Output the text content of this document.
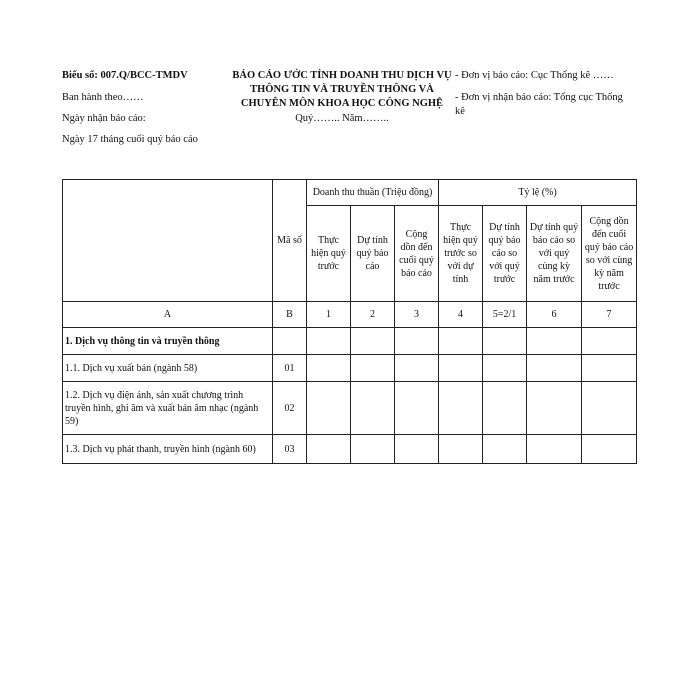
Biểu số: 007.Q/BCC-TMDV
Ban hành theo……
Ngày nhận báo cáo:
Ngày 17 tháng cuối quý báo cáo
BÁO CÁO ƯỚC TÍNH DOANH THU DỊCH VỤ
THÔNG TIN VÀ TRUYỀN THÔNG VÀ
CHUYÊN MÔN KHOA HỌC CÔNG NGHỆ
Quý…….. Năm……..
- Đơn vị báo cáo: Cục Thống kê ……
- Đơn vị nhận báo cáo: Tổng cục Thống
kê
	Mã số	Doanh thu thuần (Triệu đồng)			Tỷ lệ (%)			
		Thực hiện quý trước	Dự tính quý báo cáo	Cộng dồn đến cuối quý báo cáo	Thực hiện quý trước so với dự tính	Dự tính quý báo cáo so với quý trước	Dự tính quý báo cáo so với quý cùng kỳ năm trước	Cộng dồn đến cuối quý báo cáo so với cùng kỳ năm trước
A	B	1	2	3	4	5=2/1	6	7
1. Dịch vụ thông tin và truyền thông								
1.1. Dịch vụ xuất bản (ngành 58)	01							
1.2. Dịch vụ điện ảnh, sản xuất chương trình truyền hình, ghi âm và xuất bản âm nhạc (ngành 59)	02							
1.3. Dịch vụ phát thanh, truyền hình (ngành 60)	03							
